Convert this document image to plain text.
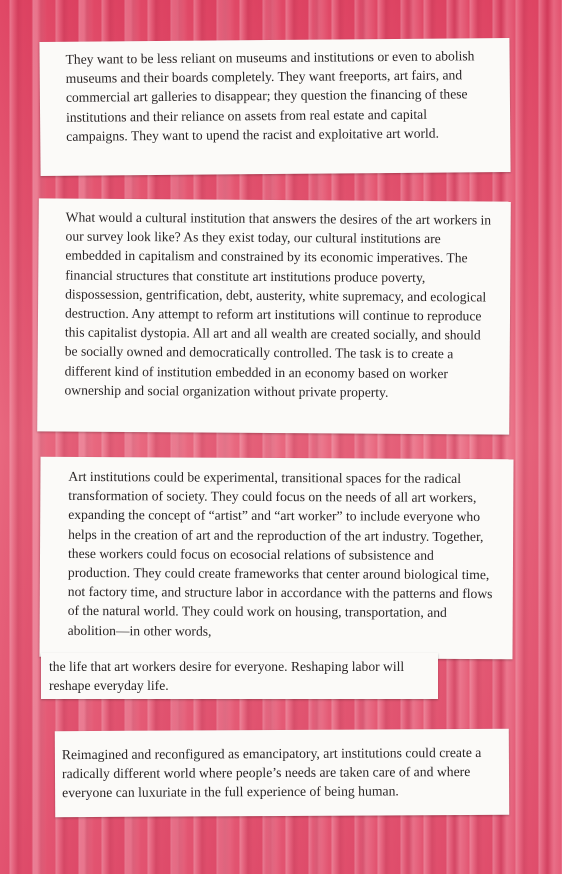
They want to be less reliant on museums and institutions or even to abolish museums and their boards completely. They want freeports, art fairs, and commercial art galleries to disappear; they question the financing of these institutions and their reliance on assets from real estate and capital campaigns. They want to upend the racist and exploitative art world.

What would a cultural institution that answers the desires of the art workers in our survey look like? As they exist today, our cultural institutions are embedded in capitalism and constrained by its economic imperatives. The financial structures that constitute art institutions produce poverty, dispossession, gentrification, debt, austerity, white supremacy, and ecological destruction. Any attempt to reform art institutions will continue to reproduce this capitalist dystopia. All art and all wealth are created socially, and should be socially owned and democratically controlled. The task is to create a different kind of institution embedded in an economy based on worker ownership and social organization without private property.

Art institutions could be experimental, transitional spaces for the radical transformation of society. They could focus on the needs of all art workers, expanding the concept of “artist” and “art worker” to include everyone who helps in the creation of art and the reproduction of the art industry. Together, these workers could focus on ecosocial relations of subsistence and production. They could create frameworks that center around biological time, not factory time, and structure labor in accordance with the patterns and flows of the natural world. They could work on housing, transportation, and abolition—in other words,

the life that art workers desire for everyone. Reshaping labor will reshape everyday life.

Reimagined and reconfigured as emancipatory, art institutions could create a radically different world where people’s needs are taken care of and where everyone can luxuriate in the full experience of being human.
